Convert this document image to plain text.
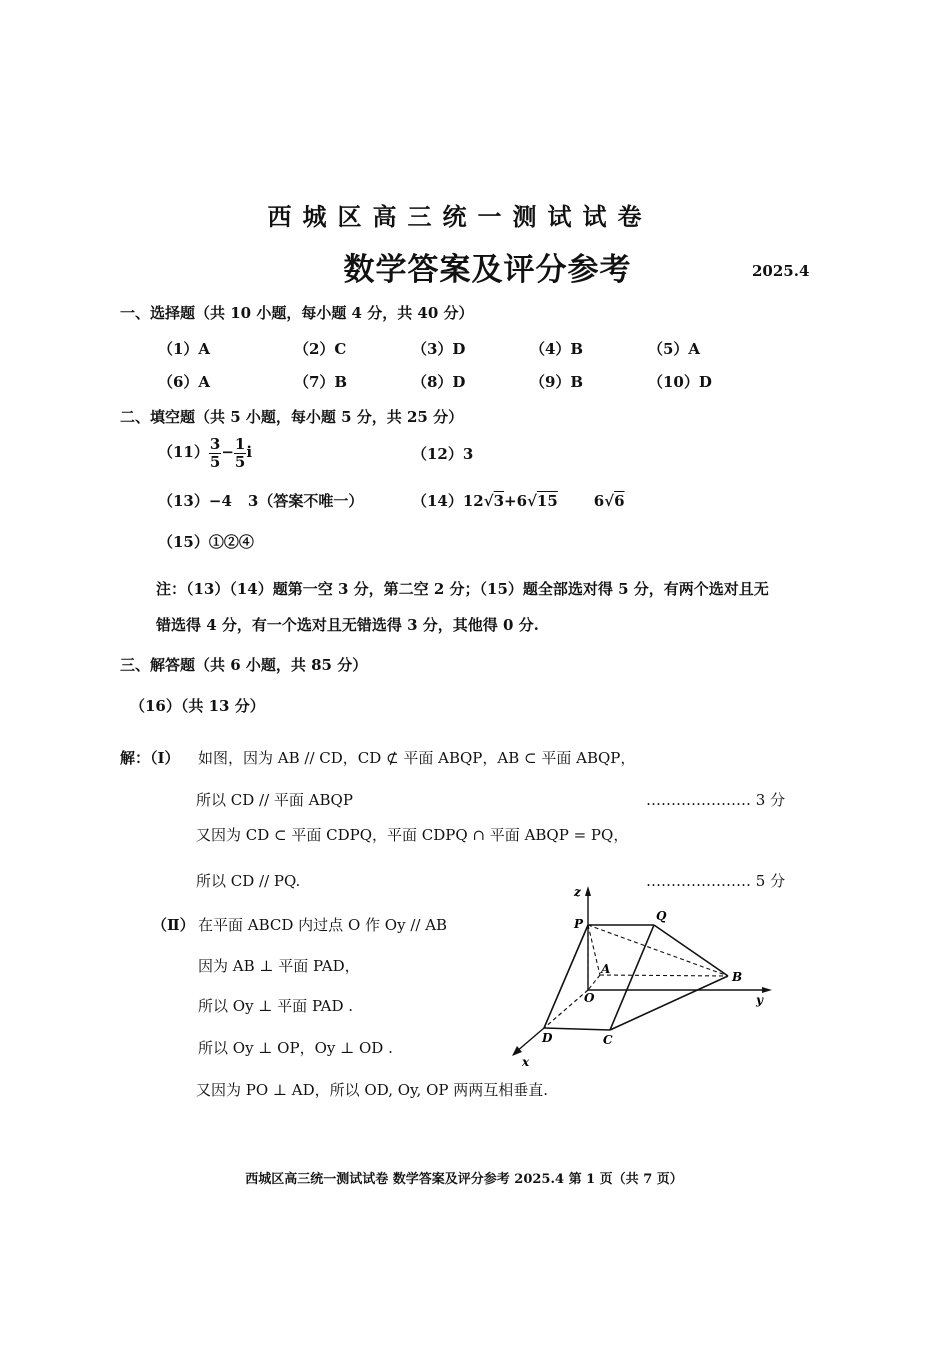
西城区高三统一测试试卷
数学答案及评分参考	2025.4
一、选择题（共 10 小题，每小题 4 分，共 40 分）
（1）A	（2）C	（3）D	（4）B	（5）A
（6）A	（7）B	（8）D	（9）B	（10）D
二、填空题（共 5 小题，每小题 5 分，共 25 分）
$(11) \frac{3}{5} - \frac{1}{5}$ i	（12）3
（13）−4 3（答案不唯一）	（14）12√3+6√15 6√6
（15）①②④
注：（13）（14）题第一空 3 分，第二空 2 分；（15）题全部选对得 5 分，有两个选对且无
错选得 4 分，有一个选对且无错选得 3 分，其他得 0 分.
三、解答题（共 6 小题，共 85 分）
（16）（共 13 分）
解：（Ⅰ） 如图，因为 AB // CD，CD ⊄ 平面 ABQP，AB ⊂ 平面 ABQP，
所以 CD // 平面 ABQP	………………… 3 分
又因为 CD ⊂ 平面 CDPQ，平面 CDPQ ∩ 平面 ABQP = PQ，
所以 CD // PQ.	………………… 5 分
（Ⅱ） 在平面 ABCD 内过点 O 作 Oy // AB
因为 AB ⊥ 平面 PAD，
所以 Oy ⊥ 平面 PAD .
所以 Oy ⊥ OP，Oy ⊥ OD .
又因为 PO ⊥ AD，所以 OD, Oy, OP 两两互相垂直.
z
y
x
P
Q
A
B
O
D	C
西城区高三统一测试试卷 数学答案及评分参考 2025.4 第 1 页（共 7 页）
